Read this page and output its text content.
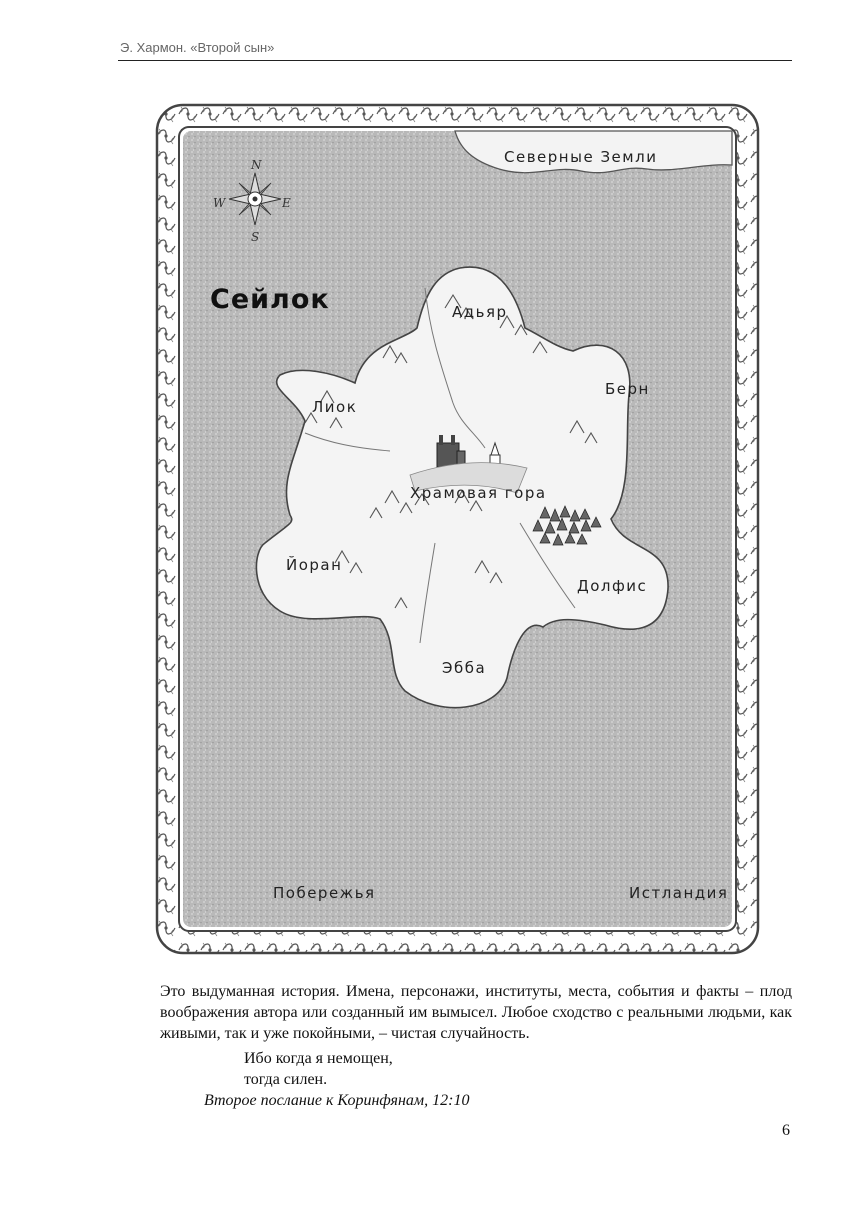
Э. Хармон. «Второй сын»
N
S
E
W
Сейлок
Северные Земли
Адьяр
Берн
Лиок
Храмовая гора
Йоран
Долфис
Эбба
Побережья	Истландия

Это выдуманная история. Имена, персонажи, институты, места, события и факты – плод воображения автора или созданный им вымысел. Любое сходство с реальными людьми, как живыми, так и уже покойными, – чистая случайность.

Ибо когда я немощен,
тогда силен.
Второе послание к Коринфянам, 12:10
6
